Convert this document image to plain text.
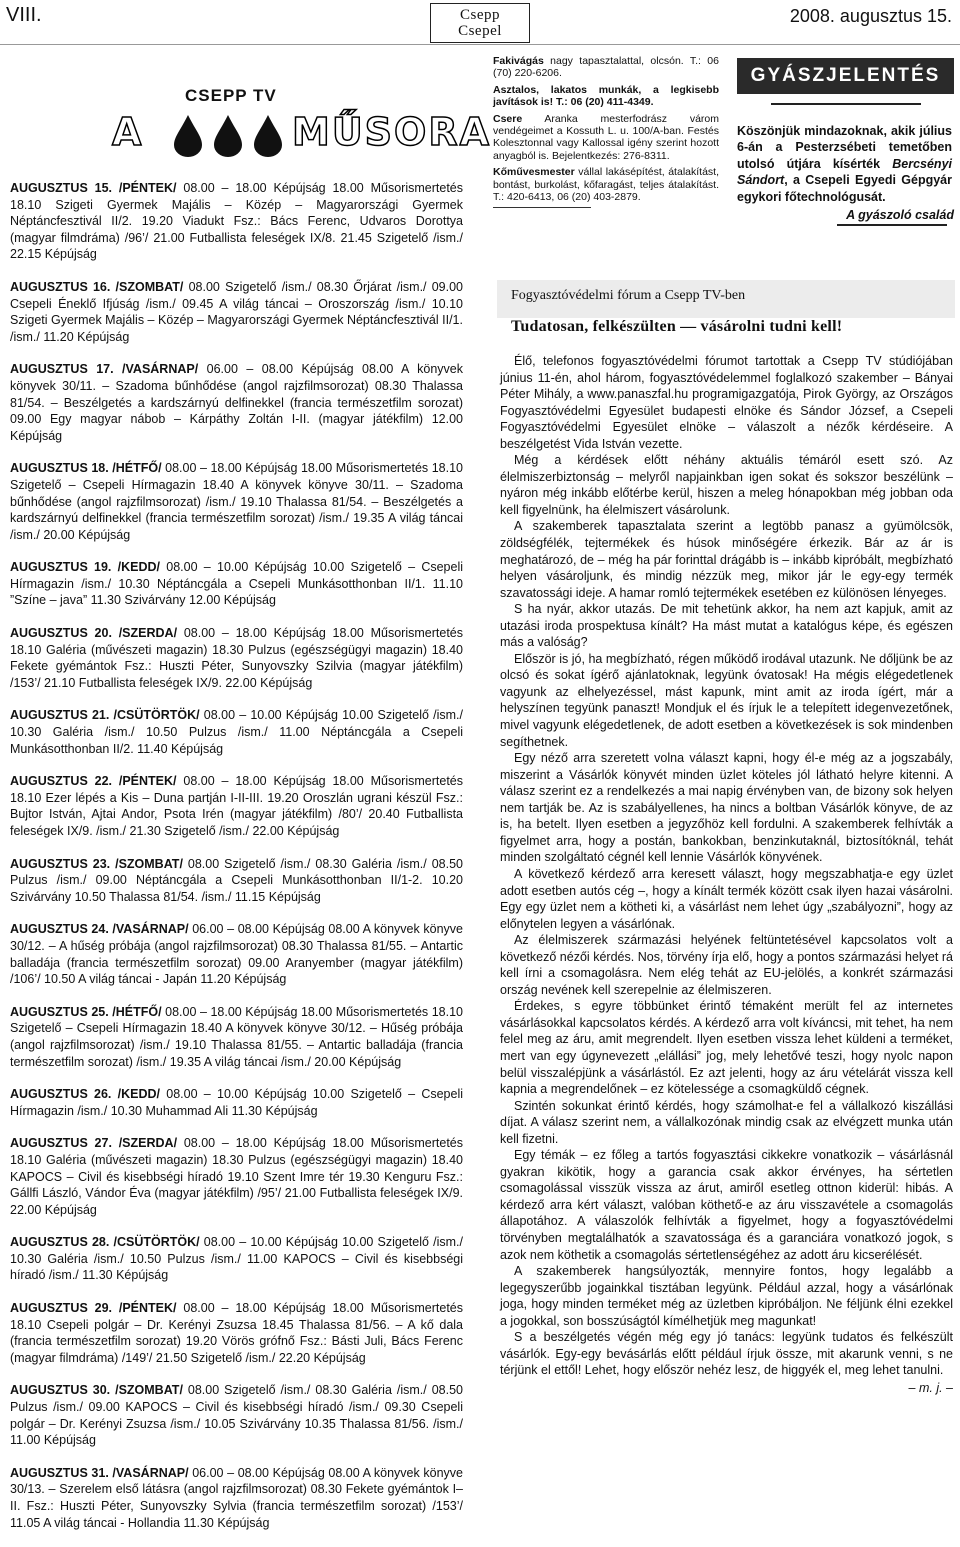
VIII.	Csepp
Csepel
2008. augusztus 15.
CSEPP TV
A	MŰSORA
AUGUSZTUS 15. /PÉNTEK/ 08.00 – 18.00 Képújság 18.00 Műsorismertetés 18.10 Szigeti Gyermek Majális – Közép – Magyarországi Gyermek Néptáncfesztivál II/2. 19.20 Viadukt Fsz.: Bács Ferenc, Udvaros Dorottya (magyar filmdráma) /96’/ 21.00 Futballista feleségek IX/8. 21.45 Szigetelő /ism./ 22.15 Képújság
AUGUSZTUS 16. /SZOMBAT/ 08.00 Szigetelő /ism./ 08.30 Őrjárat /ism./ 09.00 Csepeli Éneklő Ifjúság /ism./ 09.45 A világ táncai – Oroszország /ism./ 10.10 Szigeti Gyermek Majális – Közép – Magyarországi Gyermek Néptáncfesztivál II/1. /ism./ 11.20 Képújság
AUGUSZTUS 17. /VASÁRNAP/ 06.00 – 08.00 Képújság 08.00 A könyvek könyvek 30/11. – Szadoma bűnhődése (angol rajzfilmsorozat) 08.30 Thalassa 81/54. – Beszélgetés a kardszárnyú delfinekkel (francia természetfilm sorozat) 09.00 Egy magyar nábob – Kárpáthy Zoltán I-II. (magyar játékfilm) 12.00 Képújság
AUGUSZTUS 18. /HÉTFŐ/ 08.00 – 18.00 Képújság 18.00 Műsorismertetés 18.10 Szigetelő – Csepeli Hírmagazin 18.40 A könyvek könyve 30/11. – Szadoma bűnhődése (angol rajzfilmsorozat) /ism./ 19.10 Thalassa 81/54. – Beszélgetés a kardszárnyú delfinekkel (francia természetfilm sorozat) /ism./ 19.35 A világ táncai /ism./ 20.00 Képújság
AUGUSZTUS 19. /KEDD/ 08.00 – 10.00 Képújság 10.00 Szigetelő – Csepeli Hírmagazin /ism./ 10.30 Néptáncgála a Csepeli Munkásotthonban II/1. 11.10 ”Színe – java” 11.30 Szivárvány 12.00 Képújság
AUGUSZTUS 20. /SZERDA/ 08.00 – 18.00 Képújság 18.00 Műsorismertetés 18.10 Galéria (művészeti magazin) 18.30 Pulzus (egészségügyi magazin) 18.40 Fekete gyémántok Fsz.: Huszti Péter, Sunyovszky Szilvia (magyar játékfilm) /153’/ 21.10 Futballista feleségek IX/9. 22.00 Képújság
AUGUSZTUS 21. /CSÜTÖRTÖK/ 08.00 – 10.00 Képújság 10.00 Szigetelő /ism./ 10.30 Galéria /ism./ 10.50 Pulzus /ism./ 11.00 Néptáncgála a Csepeli Munkásotthonban II/2. 11.40 Képújság
AUGUSZTUS 22. /PÉNTEK/ 08.00 – 18.00 Képújság 18.00 Műsorismertetés 18.10 Ezer lépés a Kis – Duna partján I-II-III. 19.20 Oroszlán ugrani készül Fsz.: Bujtor István, Ajtai Andor, Psota Irén (magyar játékfilm) /80’/ 20.40 Futballista feleségek IX/9. /ism./ 21.30 Szigetelő /ism./ 22.00 Képújság
AUGUSZTUS 23. /SZOMBAT/ 08.00 Szigetelő /ism./ 08.30 Galéria /ism./ 08.50 Pulzus /ism./ 09.00 Néptáncgála a Csepeli Munkásotthonban II/1-2. 10.20 Szivárvány 10.50 Thalassa 81/54. /ism./ 11.15 Képújság
AUGUSZTUS 24. /VASÁRNAP/ 06.00 – 08.00 Képújság 08.00 A könyvek könyve 30/12. – A hűség próbája (angol rajzfilmsorozat) 08.30 Thalassa 81/55. – Antartic balladája (francia természetfilm sorozat) 09.00 Aranyember (magyar játékfilm) /106’/ 10.50 A világ táncai - Japán 11.20 Képújság
AUGUSZTUS 25. /HÉTFŐ/ 08.00 – 18.00 Képújság 18.00 Műsorismertetés 18.10 Szigetelő – Csepeli Hírmagazin 18.40 A könyvek könyve 30/12. – Hűség próbája (angol rajzfilmsorozat) /ism./ 19.10 Thalassa 81/55. – Antartic balladája (francia természetfilm sorozat) /ism./ 19.35 A világ táncai /ism./ 20.00 Képújság
AUGUSZTUS 26. /KEDD/ 08.00 – 10.00 Képújság 10.00 Szigetelő – Csepeli Hírmagazin /ism./ 10.30 Muhammad Ali 11.30 Képújság
AUGUSZTUS 27. /SZERDA/ 08.00 – 18.00 Képújság 18.00 Műsorismertetés 18.10 Galéria (művészeti magazin) 18.30 Pulzus (egészségügyi magazin) 18.40 KAPOCS – Civil és kisebbségi híradó 19.10 Szent Imre tér 19.30 Kenguru Fsz.: Gállfi László, Vándor Éva (magyar játékfilm) /95’/ 21.00 Futballista feleségek IX/9. 22.00 Képújság
AUGUSZTUS 28. /CSÜTÖRTÖK/ 08.00 – 10.00 Képújság 10.00 Szigetelő /ism./ 10.30 Galéria /ism./ 10.50 Pulzus /ism./ 11.00 KAPOCS – Civil és kisebbségi híradó /ism./ 11.30 Képújság
AUGUSZTUS 29. /PÉNTEK/ 08.00 – 18.00 Képújság 18.00 Műsorismertetés 18.10 Csepeli polgár – Dr. Kerényi Zsuzsa 18.45 Thalassa 81/56. – A kő dala (francia természetfilm sorozat) 19.20 Vörös grófnő Fsz.: Básti Juli, Bács Ferenc (magyar filmdráma) /149’/ 21.50 Szigetelő /ism./ 22.20 Képújság
AUGUSZTUS 30. /SZOMBAT/ 08.00 Szigetelő /ism./ 08.30 Galéria /ism./ 08.50 Pulzus /ism./ 09.00 KAPOCS – Civil és kisebbségi híradó /ism./ 09.30 Csepeli polgár – Dr. Kerényi Zsuzsa /ism./ 10.05 Szivárvány 10.35 Thalassa 81/56. /ism./ 11.00 Képújság
AUGUSZTUS 31. /VASÁRNAP/ 06.00 – 08.00 Képújság 08.00 A könyvek könyve 30/13. – Szerelem első látásra (angol rajzfilmsorozat) 08.30 Fekete gyémántok I–II. Fsz.: Huszti Péter, Sunyovszky Sylvia (francia természetfilm sorozat) /153’/ 11.05 A világ táncai - Hollandia 11.30 Képújság
Fakivágás nagy tapasztalattal, olcsón. T.: 06 (70) 220-6206.
Asztalos, lakatos munkák, a legkisebb javítások is! T.: 06 (20) 411-4349.
Csere Aranka mesterfodrász várom vendégeimet a Kossuth L. u. 100/A-ban. Festés Kolesztonnal vagy Kallossal igény szerint hozott anyagból is. Bejelentkezés: 276-8311.
Kőművesmester vállal lakásépítést, átalakítást, bontást, burkolást, kőfaragást, teljes átalakítást. T.: 420-6413, 06 (20) 403-2879.
GYÁSZJELENTÉS
Köszönjük mindazoknak, akik július 6-án a Pesterzsébeti temetőben utolsó útjára kísérték Bercsényi Sándort, a Csepeli Egyedi Gépgyár egykori főtechnológusát.
A gyászoló család
Fogyasztóvédelmi fórum a Csepp TV-ben
Tudatosan, felkészülten — vásárolni tudni kell!

Élő, telefonos fogyasztóvédelmi fórumot tartottak a Csepp TV stúdiójában június 11-én, ahol három, fogyasztóvédelemmel foglalkozó szakember – Bányai Péter Mihály, a www.panaszfal.hu programigazgatója, Pirok György, az Országos Fogyasztóvédelmi Egyesület budapesti elnöke és Sándor József, a Csepeli Fogyasztóvédelmi Egyesület elnöke – válaszolt a nézők kérdéseire. A beszélgetést Vida István vezette.

Még a kérdések előtt néhány aktuális témáról esett szó. Az élelmiszerbiztonság – melyről napjainkban igen sokat és sokszor beszélünk – nyáron még inkább előtérbe kerül, hiszen a meleg hónapokban még jobban oda kell figyelnünk, ha élelmiszert vásárolunk.

A szakemberek tapasztalata szerint a legtöbb panasz a gyümölcsök, zöldségfélék, tejtermékek és húsok minőségére érkezik. Bár az ár is meghatározó, de – még ha pár forinttal drágább is – inkább kipróbált, megbízható helyen vásároljunk, és mindig nézzük meg, mikor jár le egy-egy termék szavatossági ideje. A hamar romló tejtermékek esetében ez különösen lényeges.

S ha nyár, akkor utazás. De mit tehetünk akkor, ha nem azt kapjuk, amit az utazási iroda prospektusa kínált? Ha mást mutat a katalógus képe, és egészen más a valóság?

Először is jó, ha megbízható, régen működő irodával utazunk. Ne dőljünk be az olcsó és sokat ígérő ajánlatoknak, legyünk óvatosak! Ha mégis elégedetlenek vagyunk az elhelyezéssel, mást kapunk, mint amit az iroda ígért, már a helyszínen tegyünk panaszt! Mondjuk el és írjuk le a telepített idegenvezetőnek, mivel vagyunk elégedetlenek, de adott esetben a következések is sok mindenben segíthetnek.

Egy néző arra szeretett volna választ kapni, hogy él-e még az a jogszabály, miszerint a Vásárlók könyvét minden üzlet köteles jól látható helyre kitenni. A válasz szerint ez a rendelkezés a mai napig érvényben van, de bizony sok helyen nem tartják be. Az is szabályellenes, ha nincs a boltban Vásárlók könyve, de az is, ha betelt. Ilyen esetben a jegyzőhöz kell fordulni. A szakemberek felhívták a figyelmet arra, hogy a postán, bankokban, benzinkutaknál, biztosítóknál, tehát minden szolgáltató cégnél kell lennie Vásárlók könyvének.

A következő kérdező arra keresett választ, hogy megszabhatja-e egy üzlet adott esetben autós cég –, hogy a kínált termék között csak ilyen hazai vásárolni. Egy egy üzlet nem a kötheti ki, a vásárlást nem lehet úgy „szabályozni”, hogy az előnytelen legyen a vásárlónak.

Az élelmiszerek származási helyének feltüntetésével kapcsolatos volt a következő nézői kérdés. Nos, törvény írja elő, hogy a pontos származási helyet rá kell írni a csomagolásra. Nem elég tehát az EU-jelölés, a konkrét származási ország nevének kell szerepelnie az élelmiszeren.

Érdekes, s egyre többünket érintő témaként merült fel az internetes vásárlásokkal kapcsolatos kérdés. A kérdező arra volt kíváncsi, mit tehet, ha nem felel meg az áru, amit megrendelt. Ilyen esetben vissza lehet küldeni a terméket, mert van egy úgynevezett „elállási” jog, mely lehetővé teszi, hogy nyolc napon belül visszalépjünk a vásárlástól. Ez azt jelenti, hogy az áru vételárát vissza kell kapnia a megrendelőnek – ez kötelessége a csomagküldő cégnek.

Szintén sokunkat érintő kérdés, hogy számolhat-e fel a vállalkozó kiszállási díjat. A válasz szerint nem, a vállalkozónak mindig csak az elvégzett munka után kell fizetni.

Egy témák – ez főleg a tartós fogyasztási cikkekre vonatkozik – vásárlásnál gyakran kikötik, hogy a garancia csak akkor érvényes, ha sértetlen csomagolással visszük vissza az árut, amiről esetleg ottnon kiderül: hibás. A kérdező arra kért választ, valóban köthető-e az áru visszavétele a csomagolás állapotához. A válaszolók felhívták a figyelmet, hogy a fogyasztóvédelmi törvényben megtalálhatók a szavatossága és a garanciára vonatkozó jogok, s azok nem köthetik a csomagolás sértetlenségéhez az adott áru kicserélését.

A szakemberek hangsúlyozták, mennyire fontos, hogy legalább a legegyszerűbb jogainkkal tisztában legyünk. Például azzal, hogy a vásárlónak joga, hogy minden terméket még az üzletben kipróbáljon. Ne féljünk élni ezekkel a jogokkal, son bosszúságtól kímélhetjük meg magunkat!

S a beszélgetés végén még egy jó tanács: legyünk tudatos és felkészült vásárlók. Egy-egy bevásárlás előtt például írjuk össze, mit akarunk venni, s ne térjünk el ettől! Lehet, hogy először nehéz lesz, de higgyék el, meg lehet tanulni.

– m. j. –
